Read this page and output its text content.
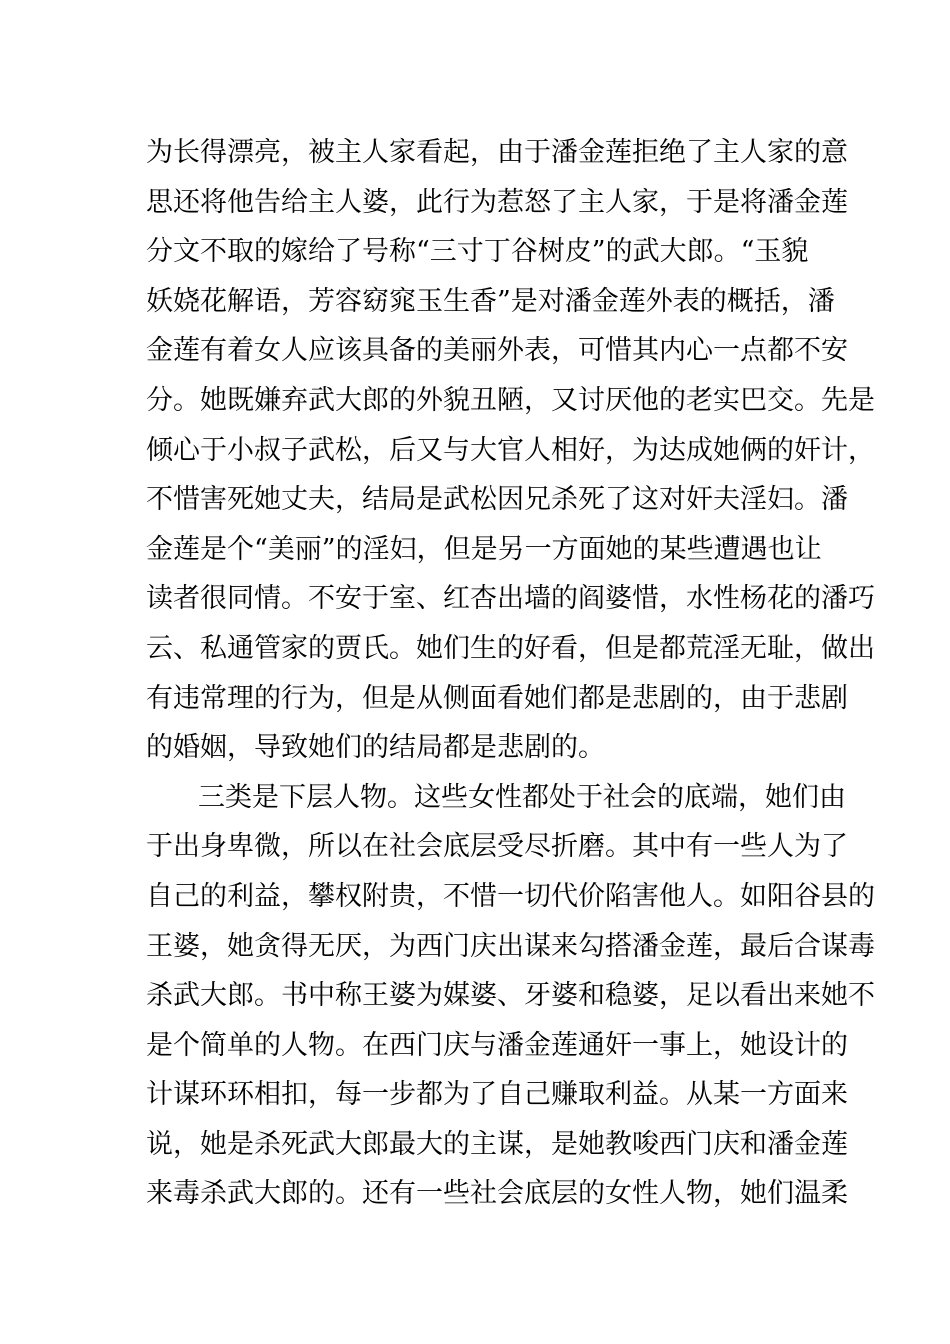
为长得漂亮，被主人家看起，由于潘金莲拒绝了主人家的意
思还将他告给主人婆，此行为惹怒了主人家，于是将潘金莲
分文不取的嫁给了号称“三寸丁谷树皮”的武大郎。“玉貌
妖娆花解语，芳容窈窕玉生香”是对潘金莲外表的概括，潘
金莲有着女人应该具备的美丽外表，可惜其内心一点都不安
分。她既嫌弃武大郎的外貌丑陋，又讨厌他的老实巴交。先是
倾心于小叔子武松，后又与大官人相好，为达成她俩的奸计，
不惜害死她丈夫，结局是武松因兄杀死了这对奸夫淫妇。潘
金莲是个“美丽”的淫妇，但是另一方面她的某些遭遇也让
读者很同情。不安于室、红杏出墙的阎婆惜，水性杨花的潘巧
云、私通管家的贾氏。她们生的好看，但是都荒淫无耻，做出
有违常理的行为，但是从侧面看她们都是悲剧的，由于悲剧
的婚姻，导致她们的结局都是悲剧的。
三类是下层人物。这些女性都处于社会的底端，她们由
于出身卑微，所以在社会底层受尽折磨。其中有一些人为了
自己的利益，攀权附贵，不惜一切代价陷害他人。如阳谷县的
王婆，她贪得无厌，为西门庆出谋来勾搭潘金莲，最后合谋毒
杀武大郎。书中称王婆为媒婆、牙婆和稳婆，足以看出来她不
是个简单的人物。在西门庆与潘金莲通奸一事上，她设计的
计谋环环相扣，每一步都为了自己赚取利益。从某一方面来
说，她是杀死武大郎最大的主谋，是她教唆西门庆和潘金莲
来毒杀武大郎的。还有一些社会底层的女性人物，她们温柔
